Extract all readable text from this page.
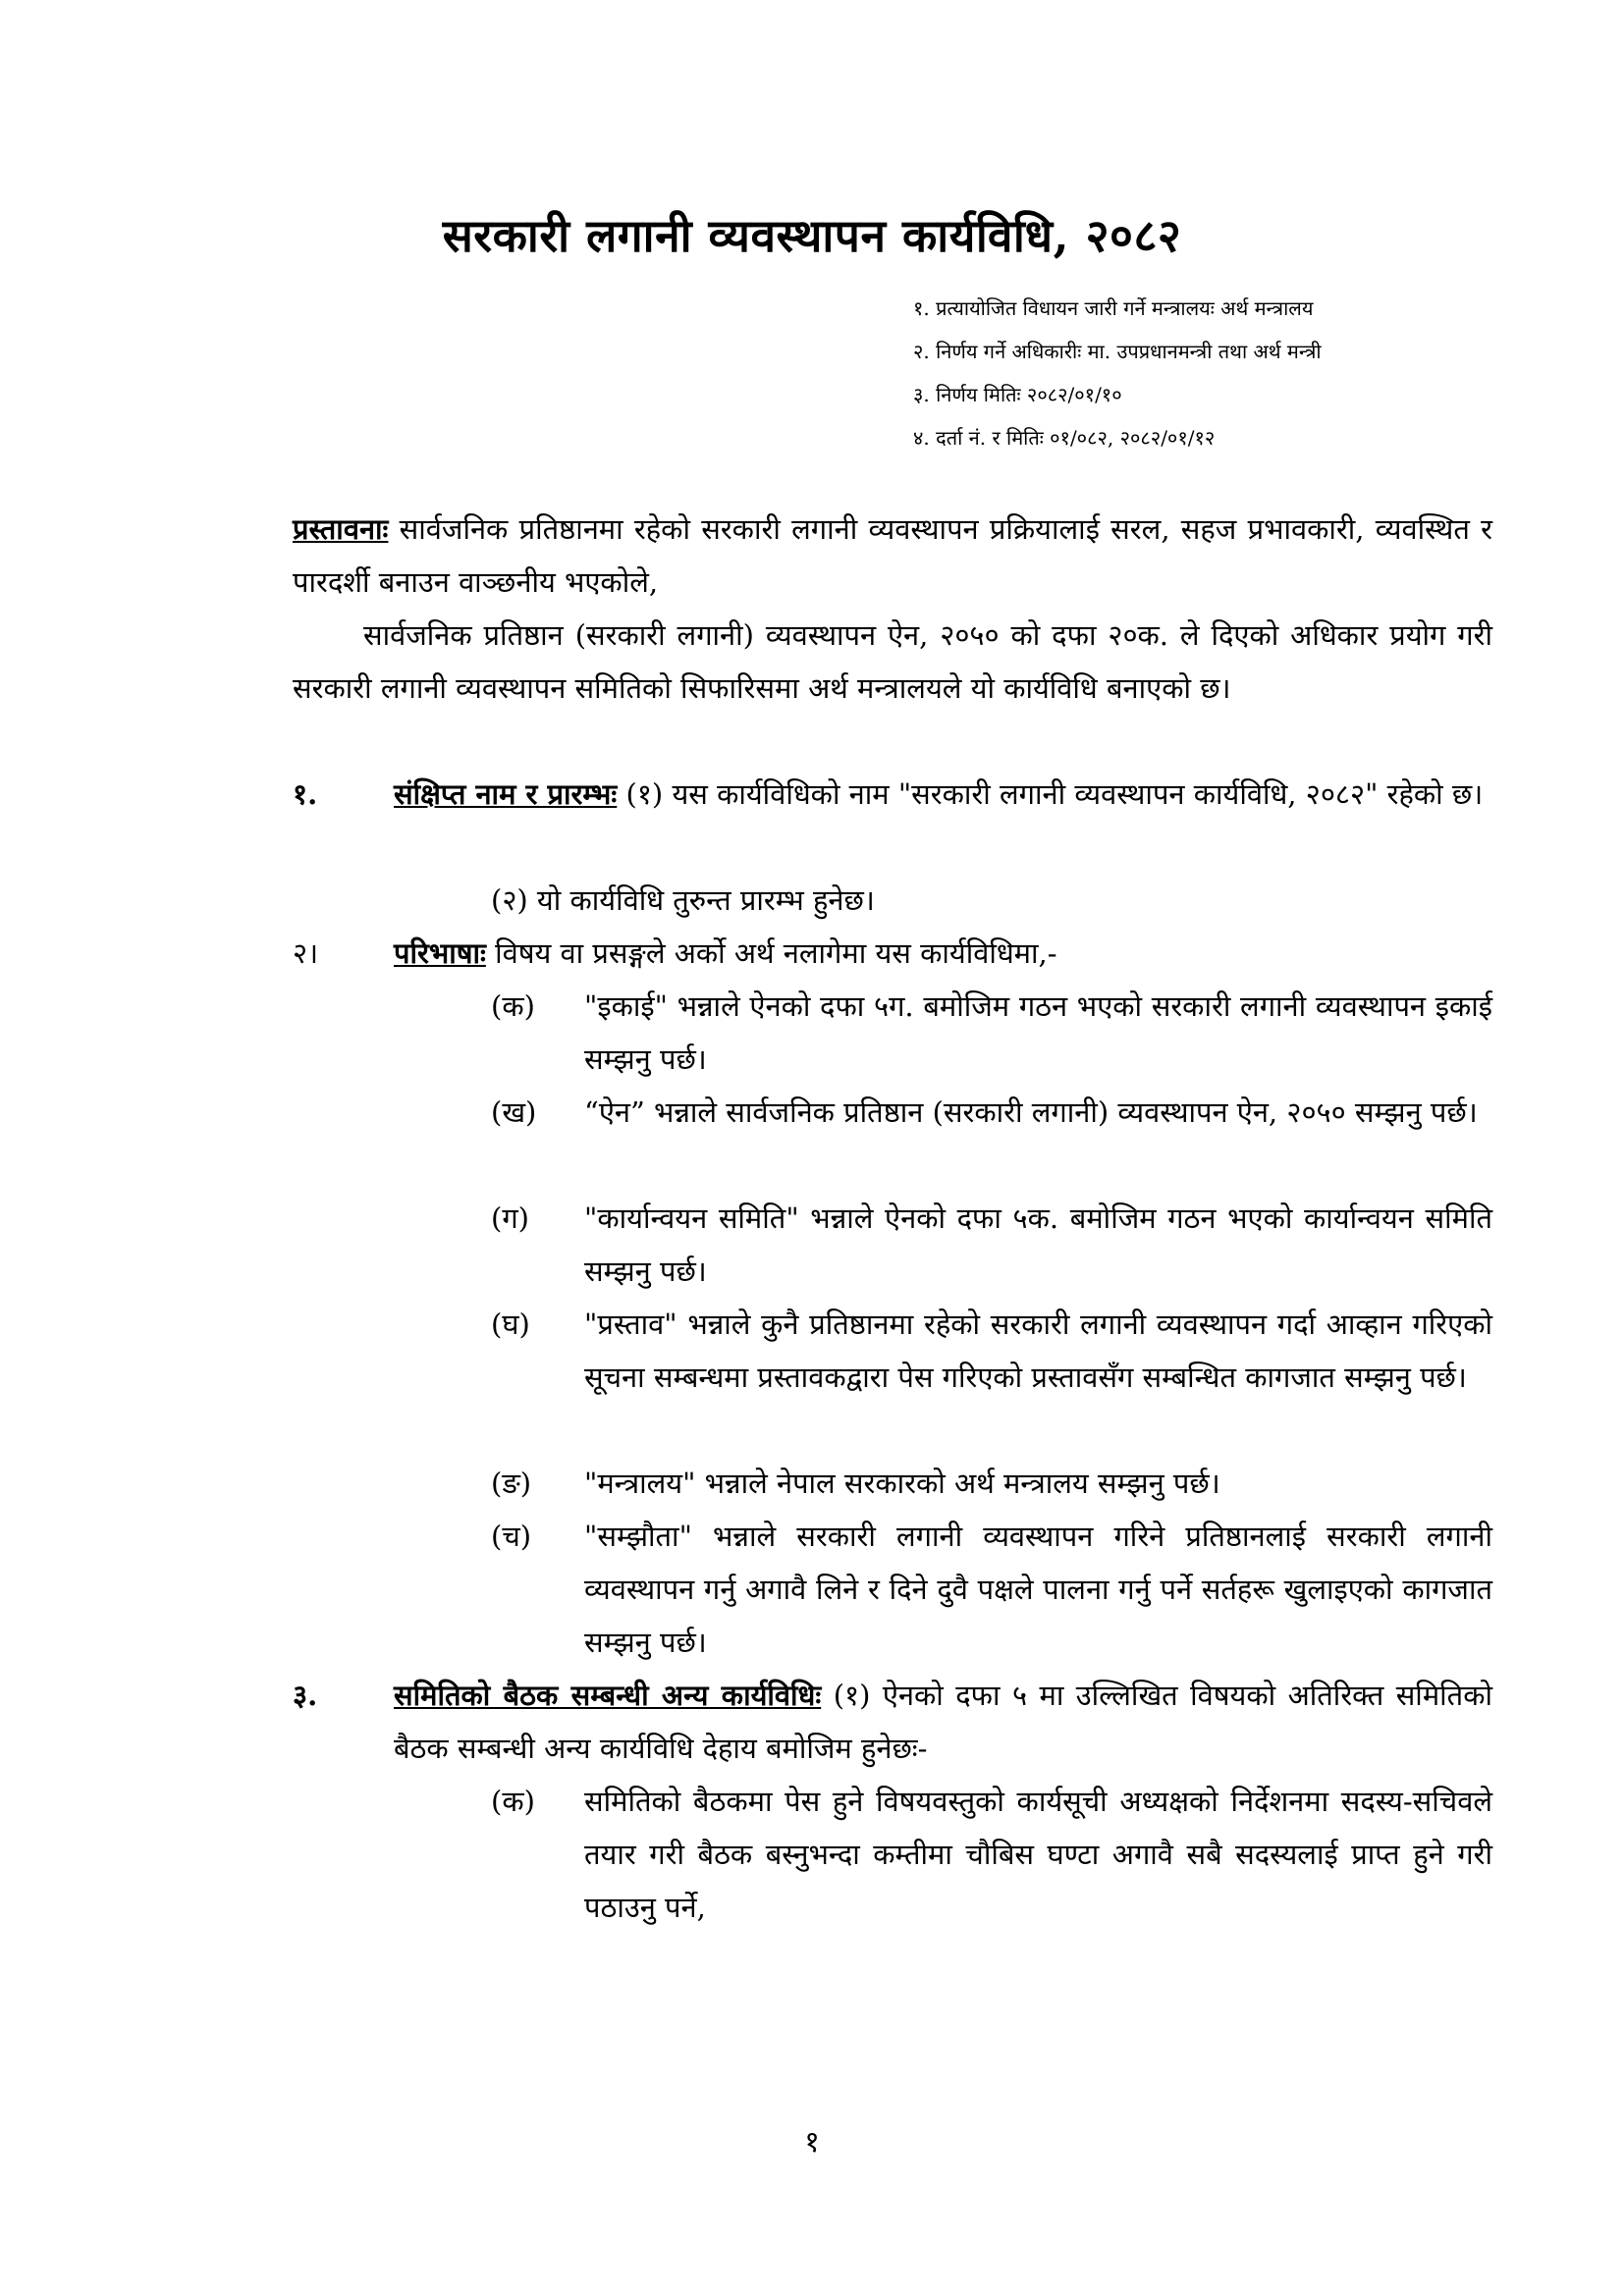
सरकारी लगानी व्यवस्थापन कार्यविधि, २०८२
१. प्रत्यायोजित विधायन जारी गर्ने मन्त्रालयः अर्थ मन्त्रालय
२. निर्णय गर्ने अधिकारीः मा. उपप्रधानमन्त्री तथा अर्थ मन्त्री
३. निर्णय मितिः २०८२/०१/१०
४. दर्ता नं. र मितिः ०१/०८२, २०८२/०१/१२
प्रस्तावनाः सार्वजनिक प्रतिष्ठानमा रहेको सरकारी लगानी व्यवस्थापन प्रक्रियालाई सरल, सहज प्रभावकारी, व्यवस्थित र पारदर्शी बनाउन वाञ्छनीय भएकोले,
सार्वजनिक प्रतिष्ठान (सरकारी लगानी) व्यवस्थापन ऐन, २०५० को दफा २०क. ले दिएको अधिकार प्रयोग गरी सरकारी लगानी व्यवस्थापन समितिको सिफारिसमा अर्थ मन्त्रालयले यो कार्यविधि बनाएको छ।
१.	संक्षिप्त नाम र प्रारम्भः (१) यस कार्यविधिको नाम "सरकारी लगानी व्यवस्थापन कार्यविधि, २०८२" रहेको छ।
(२) यो कार्यविधि तुरुन्त प्रारम्भ हुनेछ।
२।	परिभाषाः विषय वा प्रसङ्गले अर्को अर्थ नलागेमा यस कार्यविधिमा,-
(क) "इकाई" भन्नाले ऐनको दफा ५ग. बमोजिम गठन भएको सरकारी लगानी व्यवस्थापन इकाई सम्झनु पर्छ।
(ख) “ऐन” भन्नाले सार्वजनिक प्रतिष्ठान (सरकारी लगानी) व्यवस्थापन ऐन, २०५० सम्झनु पर्छ।
(ग) "कार्यान्वयन समिति" भन्नाले ऐनको दफा ५क. बमोजिम गठन भएको कार्यान्वयन समिति सम्झनु पर्छ।
(घ) "प्रस्ताव" भन्नाले कुनै प्रतिष्ठानमा रहेको सरकारी लगानी व्यवस्थापन गर्दा आव्हान गरिएको सूचना सम्बन्धमा प्रस्तावकद्वारा पेस गरिएको प्रस्तावसँग सम्बन्धित कागजात सम्झनु पर्छ।
(ङ) "मन्त्रालय" भन्नाले नेपाल सरकारको अर्थ मन्त्रालय सम्झनु पर्छ।
(च) "सम्झौता" भन्नाले सरकारी लगानी व्यवस्थापन गरिने प्रतिष्ठानलाई सरकारी लगानी व्यवस्थापन गर्नु अगावै लिने र दिने दुवै पक्षले पालना गर्नु पर्ने सर्तहरू खुलाइएको कागजात सम्झनु पर्छ।
३.	समितिको बैठक सम्बन्धी अन्य कार्यविधिः (१) ऐनको दफा ५ मा उल्लिखित विषयको अतिरिक्त समितिको बैठक सम्बन्धी अन्य कार्यविधि देहाय बमोजिम हुनेछः-
(क) समितिको बैठकमा पेस हुने विषयवस्तुको कार्यसूची अध्यक्षको निर्देशनमा सदस्य-सचिवले तयार गरी बैठक बस्नुभन्दा कम्तीमा चौबिस घण्टा अगावै सबै सदस्यलाई प्राप्त हुने गरी पठाउनु पर्ने,
१
